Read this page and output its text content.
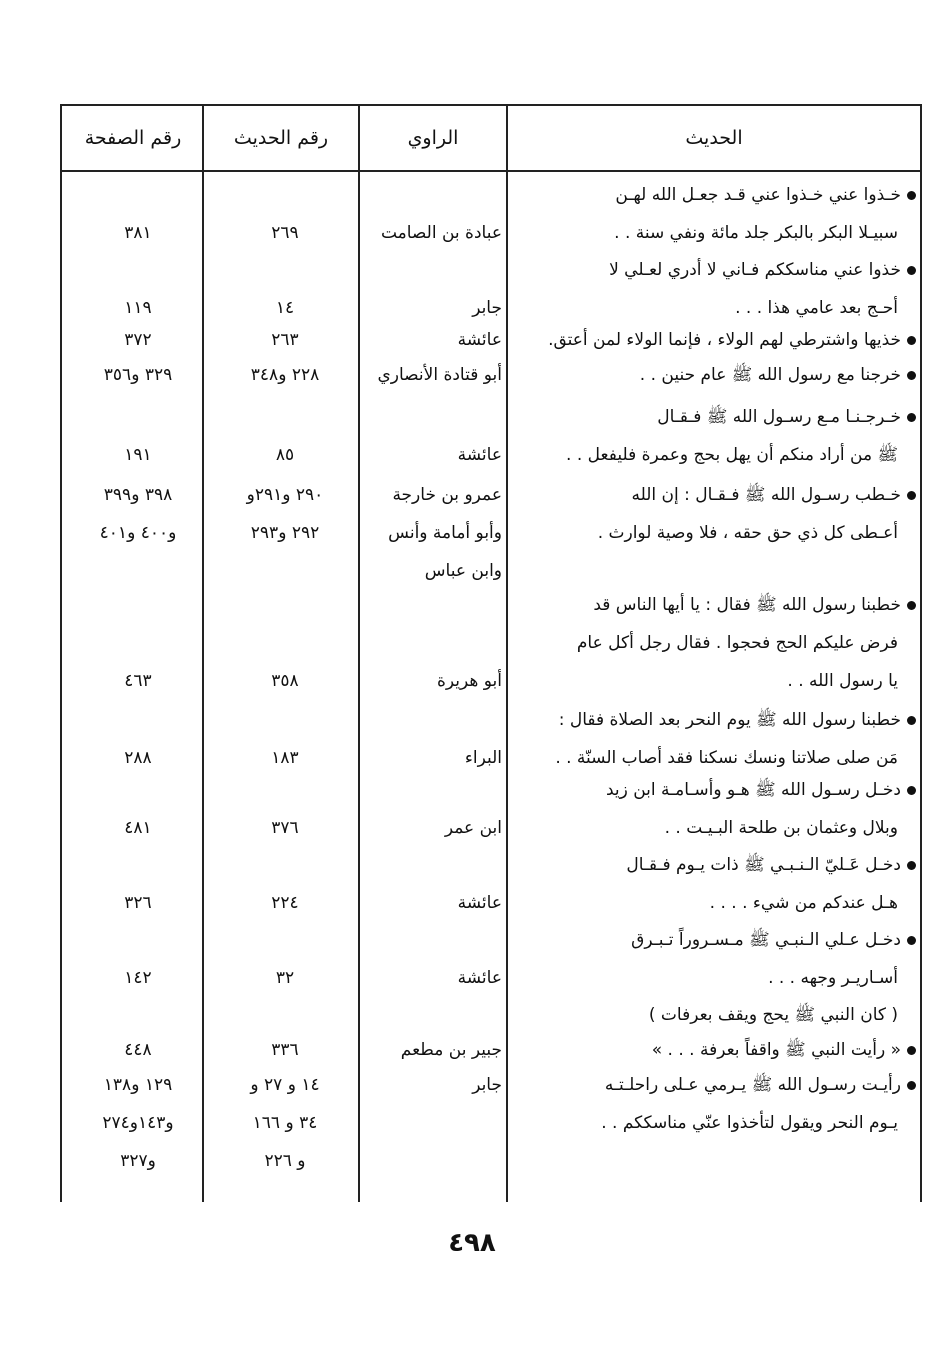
الحديث
الراوي
رقم الحديث
رقم الصفحة
خـذوا عني خـذوا عني قـد جعـل الله لهـن
سبيـلا البكر بالبكر جلد مائة ونفي سنة . .
عبادة بن الصامت
٢٦٩
٣٨١
خذوا عني مناسككم فـاني لا أدري لعـلي لا
أحـج بعد عامي هذا . . .
جابر
١٤
١١٩
خذيها واشترطي لهم الولاء ، فإنما الولاء لمن أعتق.
عائشة
٢٦٣
٣٧٢
خرجنا مع رسول الله ﷺ عام حنين . .
أبو قتادة الأنصاري
٢٢٨ و٣٤٨
٣٢٩ و٣٥٦
خـرجـنـا مـع رسـول الله ﷺ فـقـال
ﷺ من أراد منكم أن يهل بحج وعمرة فليفعل . .
عائشة
٨٥
١٩١
خـطب رسـول الله ﷺ فـقـال : إن الله
أعـطى كل ذي حق حقه ، فلا وصية لوارث .
عمرو بن خارجة
وأبو أمامة وأنس
وابن عباس
٢٩٠ و٢٩١و
٢٩٢ و٢٩٣
٣٩٨ و٣٩٩
و٤٠٠ و٤٠١
خطبنا رسول الله ﷺ فقال : يا أيها الناس قد
فرض عليكم الحج فحجوا . فقال رجل أكل عام
يا رسول الله . .
أبو هريرة
٣٥٨
٤٦٣
خطبنا رسول الله ﷺ يوم النحر بعد الصلاة فقال :
مَن صلى صلاتنا ونسك نسكنا فقد أصاب السنّة . .
البراء
١٨٣
٢٨٨
دخـل رسـول الله ﷺ هـو وأسـامـة ابن زيد
وبلال وعثمان بن طلحة البـيـت . .
ابن عمر
٣٧٦
٤٨١
دخـل عَـليّ الـنـبـي ﷺ ذات يـوم فـقـال
هـل عندكم من شيء . . . .
عائشة
٢٢٤
٣٢٦
دخـل عـلي الـنبـي ﷺ مـسـروراً تـبـرق
أسـاريـر وجهه . . .
عائشة
٣٢
١٤٢
( كان النبي ﷺ يحج ويقف بعرفات )
« رأيت النبي ﷺ واقفاً بعرفة . . . »
جبير بن مطعم
٣٣٦
٤٤٨
رأيـت رسـول الله ﷺ يـرمي عـلى راحلـتـه
يـوم النحر ويقول لتأخذوا عنّي مناسككم . .
جابر
١٤ و ٢٧ و
٣٤ و ١٦٦
و ٢٢٦
١٢٩ و١٣٨
و١٤٣و٢٧٤
و٣٢٧
٤٩٨
